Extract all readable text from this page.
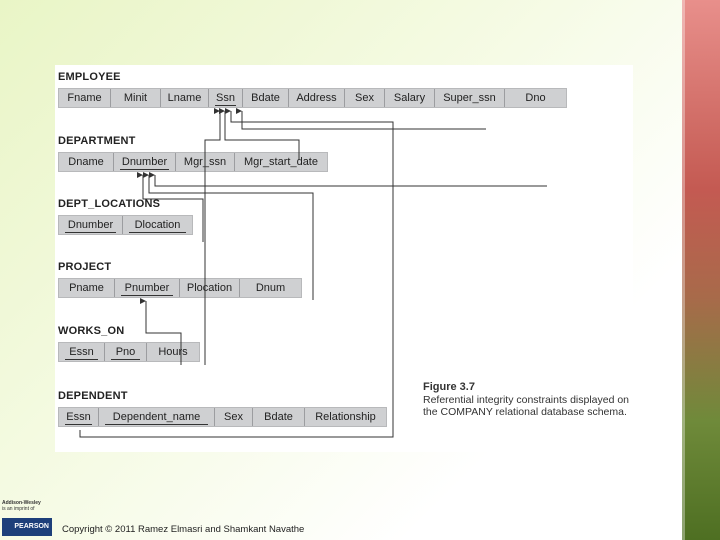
EMPLOYEE
Fname	Minit	Lname	Ssn	Bdate	Address	Sex	Salary	Super_ssn	Dno
DEPARTMENT
Dname	Dnumber	Mgr_ssn	Mgr_start_date
DEPT_LOCATIONS
Dnumber	Dlocation
PROJECT
Pname	Pnumber	Plocation	Dnum
WORKS_ON
Essn	Pno	Hours
DEPENDENT
Essn	Dependent_name	Sex	Bdate	Relationship
Figure 3.7
Referential integrity constraints displayed on the COMPANY relational database schema.
Addison-Wesley
is an imprint of
PEARSON	Copyright © 2011 Ramez Elmasri and Shamkant Navathe
